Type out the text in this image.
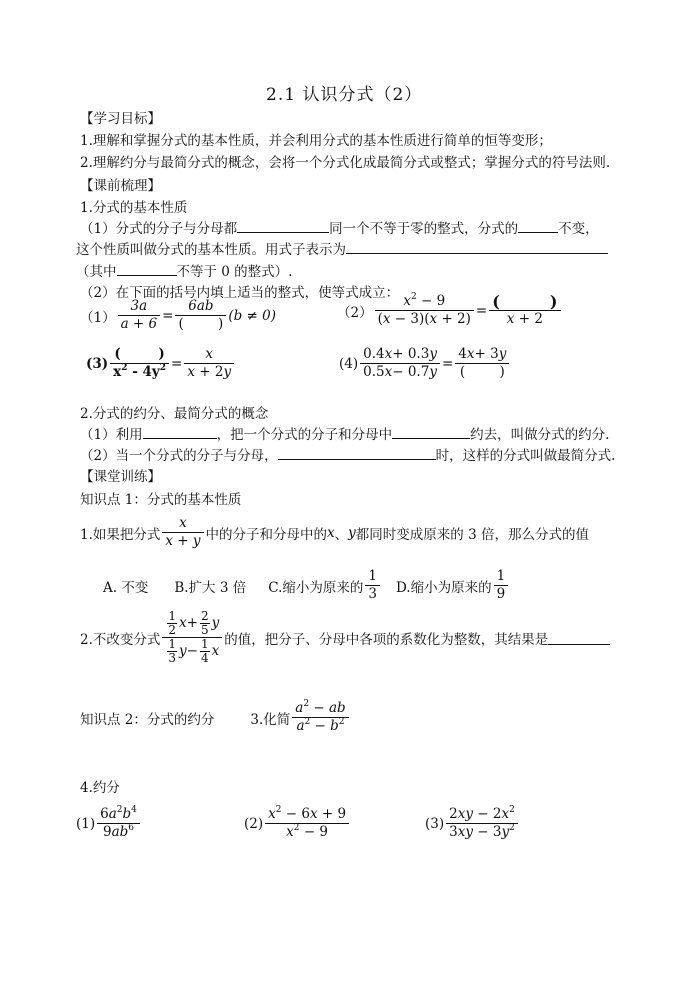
2.1 认识分式（2）
【学习目标】
1.理解和掌握分式的基本性质，并会利用分式的基本性质进行简单的恒等变形；
2.理解约分与最简分式的概念，会将一个分式化成最简分式或整式；掌握分式的符号法则.
【课前梳理】
1.分式的基本性质
（1）分式的分子与分母都	同一个不等于零的整式，分式的	不变，
这个性质叫做分式的基本性质。用式子表示为
（其中	不等于 0 的整式）.
（2）在下面的括号内填上适当的整式，使等式成立：
$(1) \frac{3a}{a + 6}$ =
6ab
(        )
(b ≠ 0)	$(2) \frac{x^2 - 9}{(x - 3)(x + 2)}$ = (         )
x + 2
(3)
(        )
$x^2 - 4y^2 = \frac{x}{x + 2y}$	$(4) \frac{0.4x+ 0.3y}{0.5x- 0.7y}$ =
4x+ 3y
(        )
2.分式的约分、最简分式的概念
（1）利用	，把一个分式的分子和分母中	约去，叫做分式的约分.
（2）当一个分式的分子与分母，	时，这样的分式叫做最简分式.
【课堂训练】
知识点 1：分式的基本性质
1.如果把分式
x
x + y 中的分子和分母中的 x 、 y 都同时变成原来的 3 倍，那么分式的值
A. 不变 B.扩大 3 倍 C.缩小为原来的
1
3 D.缩小为原来的
1
9
2.不改变分式
$\frac{1}{2} x+ \frac{2}{5}$ y
$\frac{1}{3} y- \frac{1}{4}$ x
的值，把分子、分母中各项的系数化为整数，其结果是
知识点 2：分式的约分	3.化简
$a^2$ − ab
$a^2 - b^2$
4.约分
(1)
$6a^2b^4$
$9ab^6$	(2)
$x^2 - 6x + 9$
$x^2 - 9$
(3)
$2xy - 2x^2$
$3xy - 3y^2$
